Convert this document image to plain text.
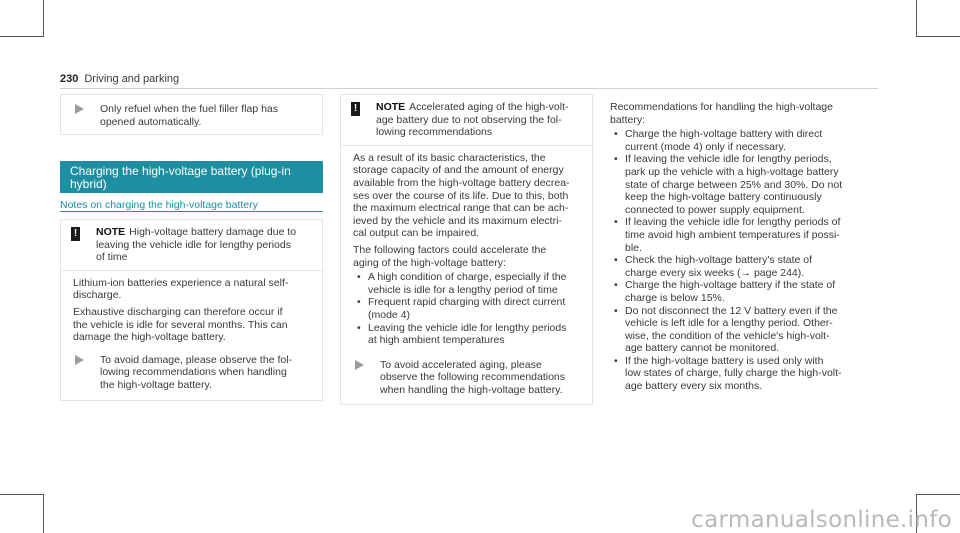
230 Driving and parking
Only refuel when the fuel filler flap has
opened automatically.
Charging the high-voltage battery (plug-in
hybrid)
Notes on charging the high-voltage battery
!	NOTE High-voltage battery damage due to
leaving the vehicle idle for lengthy periods
of time

Lithium-ion batteries experience a natural self-
discharge.

Exhaustive discharging can therefore occur if
the vehicle is idle for several months. This can
damage the high-voltage battery.

To avoid damage, please observe the fol-
lowing recommendations when handling
the high-voltage battery.
!	NOTE Accelerated aging of the high-volt-
age battery due to not observing the fol-
lowing recommendations

As a result of its basic characteristics, the
storage capacity of and the amount of energy
available from the high-voltage battery decrea-
ses over the course of its life. Due to this, both
the maximum electrical range that can be ach-
ieved by the vehicle and its maximum electri-
cal output can be impaired.

The following factors could accelerate the
aging of the high-voltage battery:

• A high condition of charge, especially if the
vehicle is idle for a lengthy period of time
• Frequent rapid charging with direct current
(mode 4)
• Leaving the vehicle idle for lengthy periods
at high ambient temperatures
To avoid accelerated aging, please
observe the following recommendations
when handling the high-voltage battery.

Recommendations for handling the high-voltage
battery:

• Charge the high-voltage battery with direct
current (mode 4) only if necessary.
• If leaving the vehicle idle for lengthy periods,
park up the vehicle with a high-voltage battery
state of charge between 25% and 30%. Do not
keep the high-voltage battery continuously
connected to power supply equipment.
• If leaving the vehicle idle for lengthy periods of
time avoid high ambient temperatures if possi-
ble.
• Check the high-voltage battery's state of
charge every six weeks (→ page 244).
• Charge the high-voltage battery if the state of
charge is below 15%.
• Do not disconnect the 12 V battery even if the
vehicle is left idle for a lengthy period. Other-
wise, the condition of the vehicle's high-volt-
age battery cannot be monitored.
• If the high-voltage battery is used only with
low states of charge, fully charge the high-volt-
age battery every six months.
carmanualsonline.info
